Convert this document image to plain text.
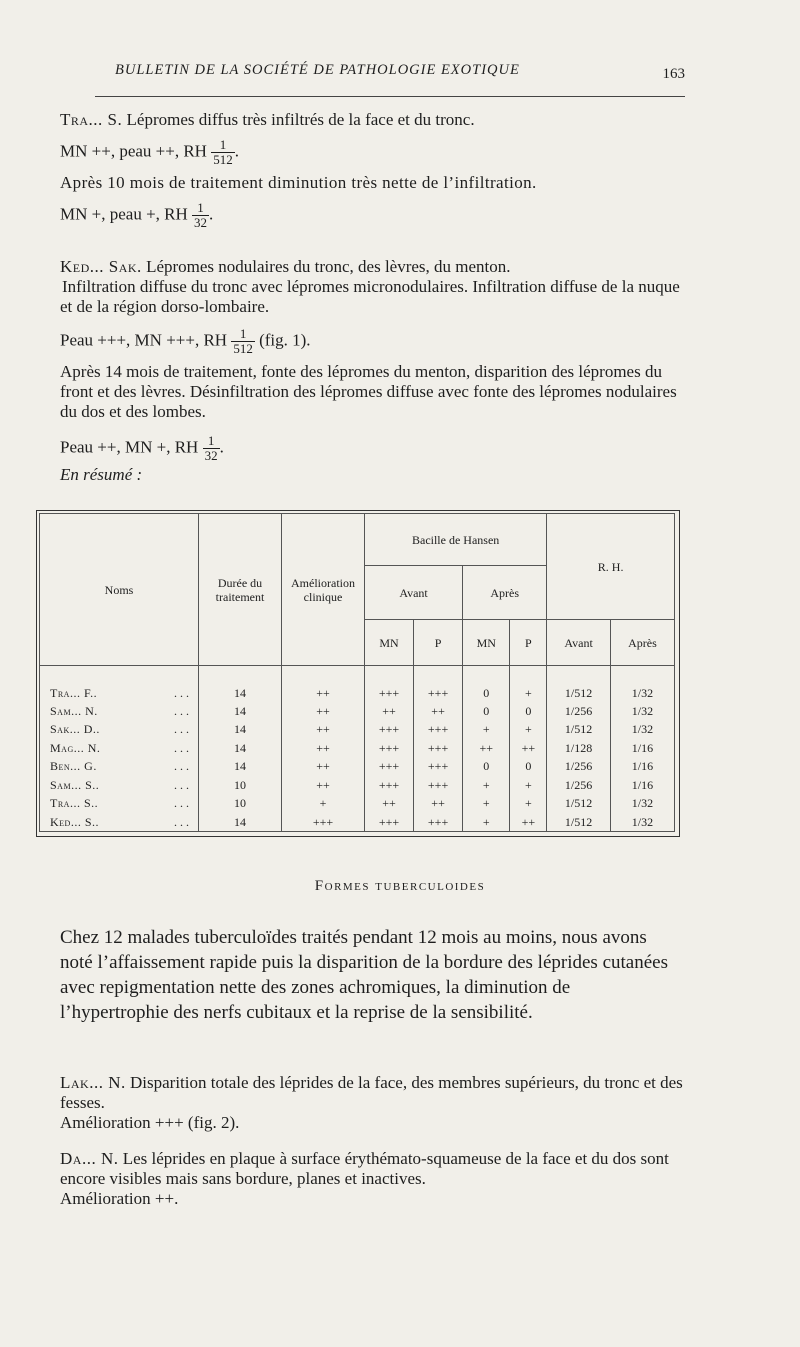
BULLETIN DE LA SOCIÉTÉ DE PATHOLOGIE EXOTIQUE	163
Tra... S. Lépromes diffus très infiltrés de la face et du tronc.
MN ++, peau ++, RH $\frac{1}{512}$ .
Après 10 mois de traitement diminution très nette de l’infiltration.
MN +, peau +, RH $\frac{1}{32}$ .
Ked... Sak. Lépromes nodulaires du tronc, des lèvres, du menton.
Infiltration diffuse du tronc avec lépromes micronodulaires. Infiltration diffuse de la nuque et de la région dorso-lombaire.
Peau +++, MN +++, RH $\frac{1}{512} (fig$. 1).
Après 14 mois de traitement, fonte des lépromes du menton, disparition des lépromes du front et des lèvres. Désinfiltration des lépromes diffuse avec fonte des lépromes nodulaires du dos et des lombes.
Peau ++, MN +, RH $\frac{1}{32}$ .
En résumé :
Noms	Durée du traitement	Amélioration clinique	Bacille de Hansen				R. H.	
			Avant		Après			
			MN	P	MN	P	Avant	Après

Tra... F.. . . .	14	++	+++	+++	0	+	1/512	1/32
Sam... N. . . .	14	++	++	++	0	0	1/256	1/32
Sak... D.. . . .	14	++	+++	+++	+	+	1/512	1/32
Mag... N. . . .	14	++	+++	+++	++	++	1/128	1/16
Ben... G. . . .	14	++	+++	+++	0	0	1/256	1/16
Sam... S.. . . .	10	++	+++	+++	+	+	1/256	1/16
Tra... S.. . . .	10	+	++	++	+	+	1/512	1/32
Ked... S.. . . .	14	+++	+++	+++	+	++	1/512	1/32
Formes tuberculoides
Chez 12 malades tuberculoïdes traités pendant 12 mois au moins, nous avons noté l’affaissement rapide puis la disparition de la bordure des léprides cutanées avec repigmentation nette des zones achromiques, la diminution de l’hypertrophie des nerfs cubitaux et la reprise de la sensibilité.
Lak... N. Disparition totale des léprides de la face, des membres supérieurs, du tronc et des fesses.
Amélioration +++ (fig. 2).
Da... N. Les léprides en plaque à surface érythémato-squameuse de la face et du dos sont encore visibles mais sans bordure, planes et inactives.
Amélioration ++.
